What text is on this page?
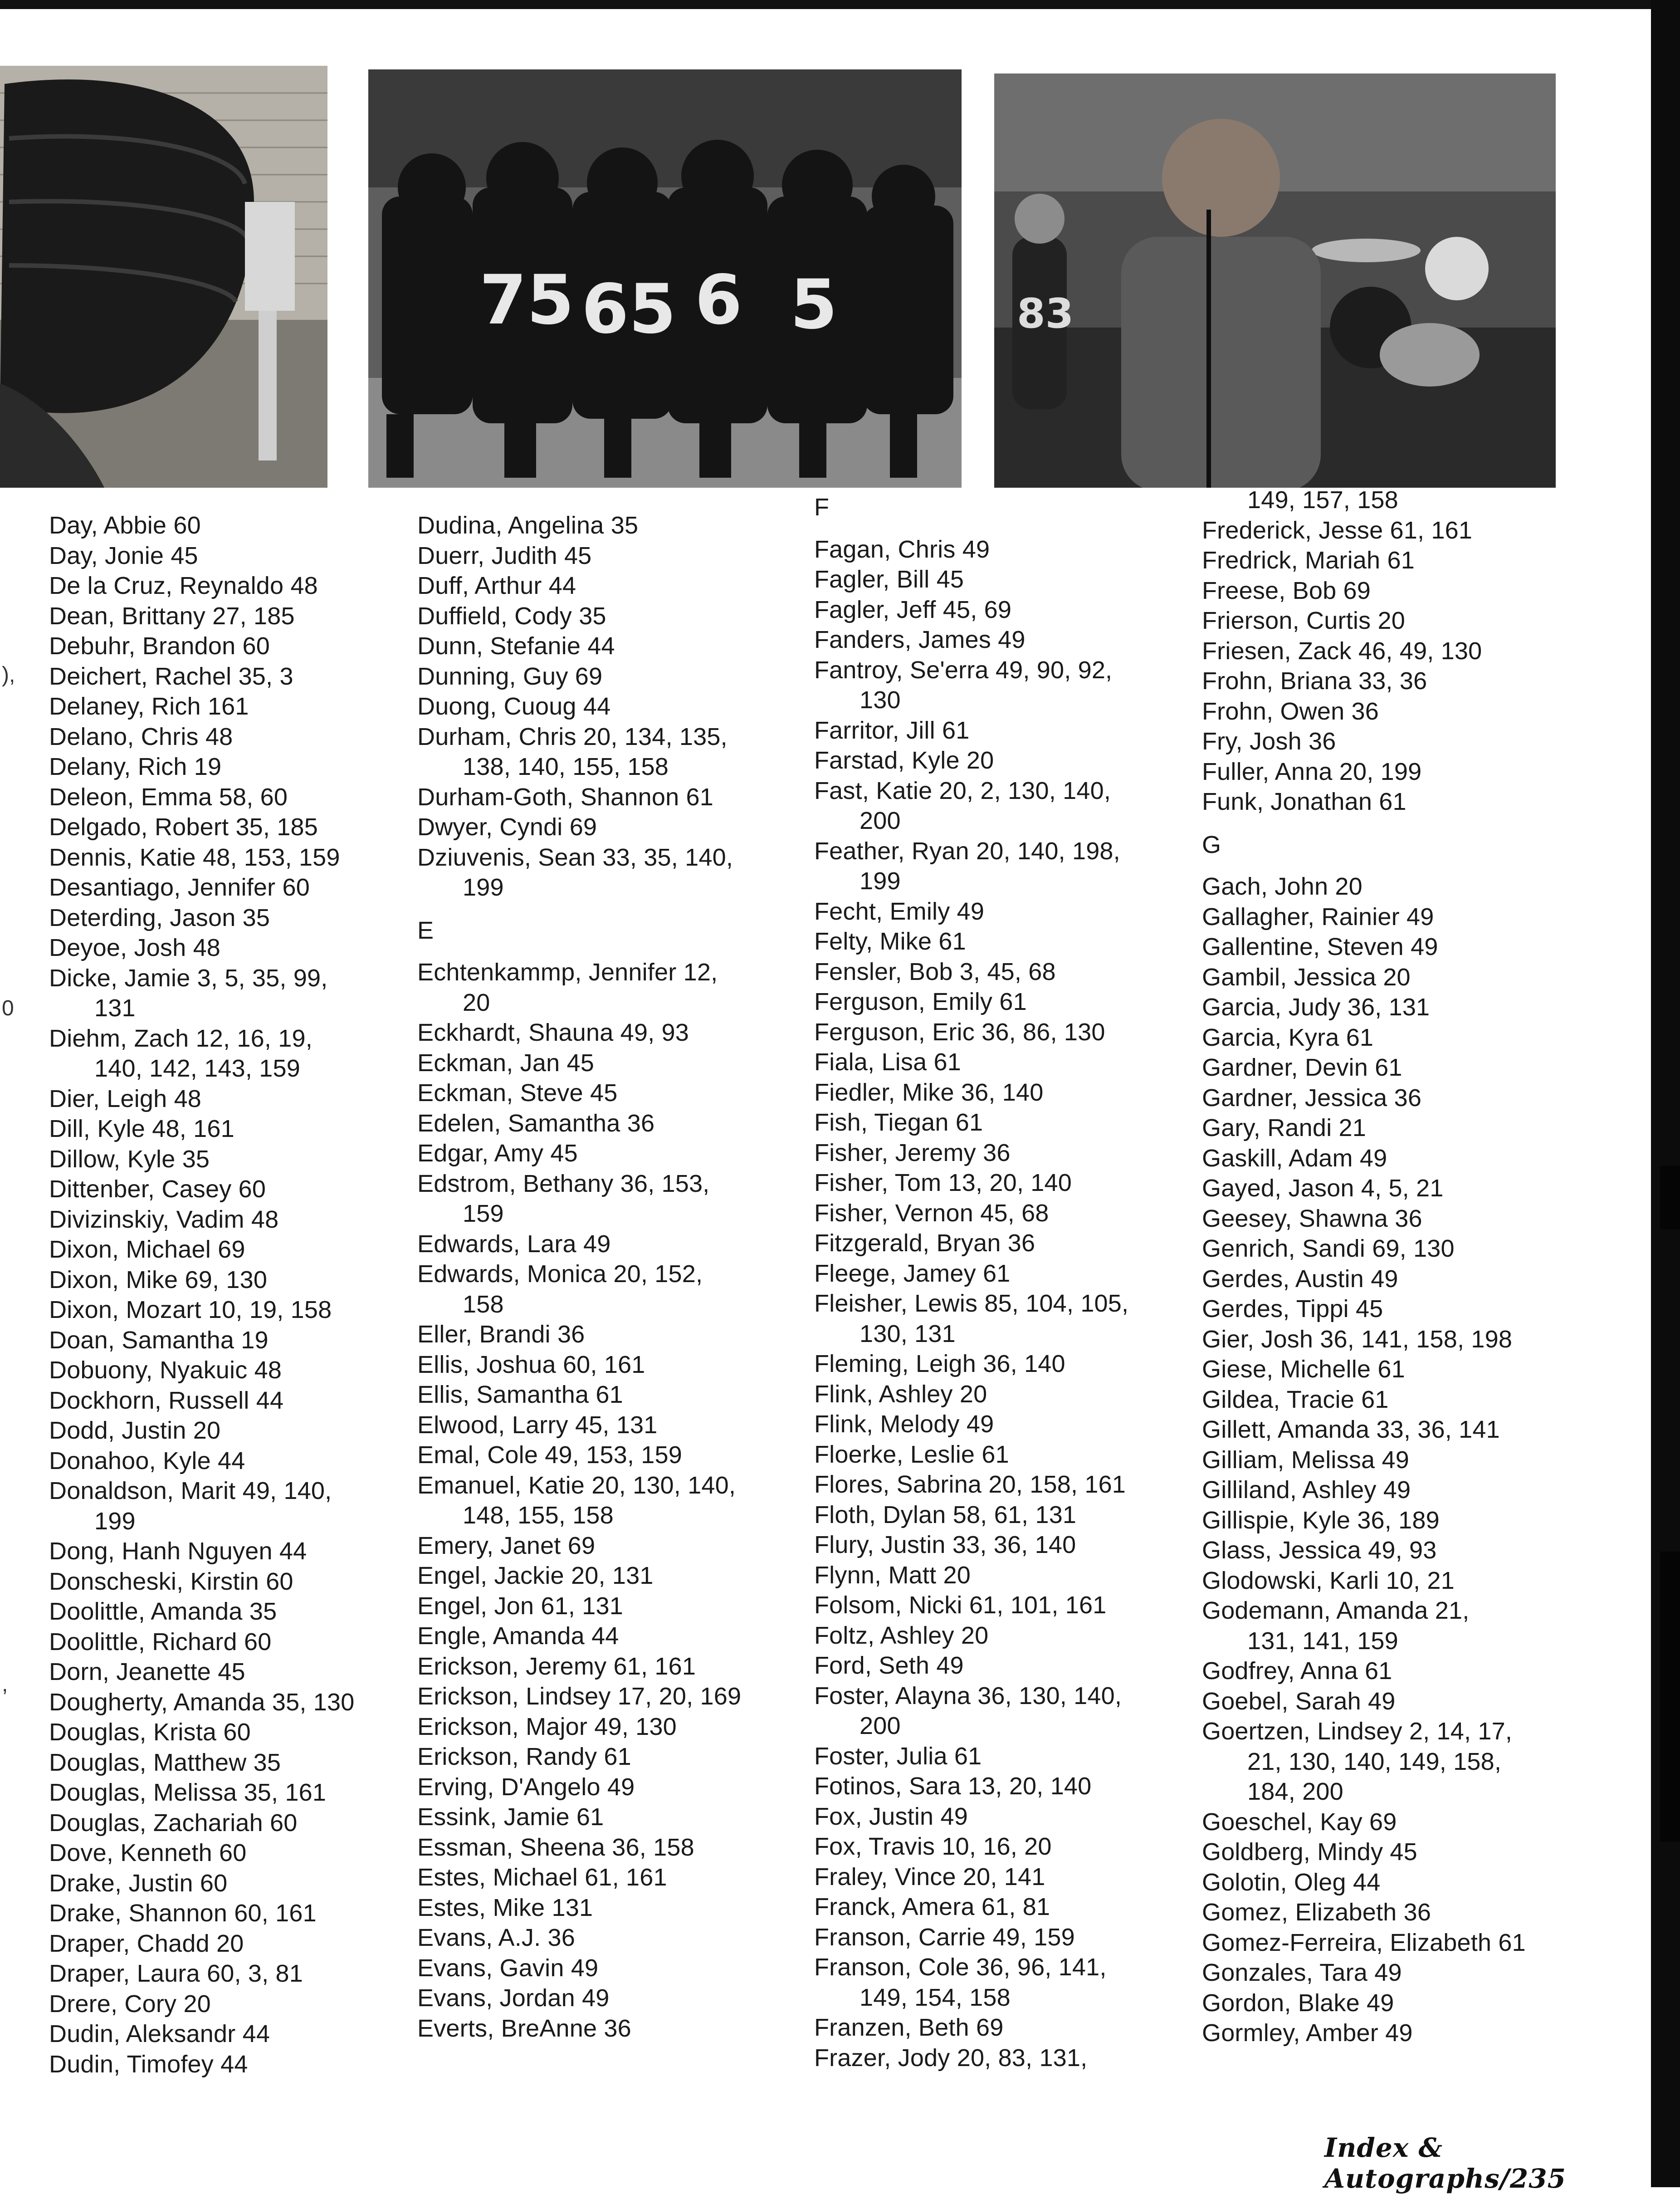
75 65 6 5	83
),
0
,
Day, Abbie 60
Day, Jonie 45
De la Cruz, Reynaldo 48
Dean, Brittany 27, 185
Debuhr, Brandon 60
Deichert, Rachel 35, 3
Delaney, Rich 161
Delano, Chris 48
Delany, Rich 19
Deleon, Emma 58, 60
Delgado, Robert 35, 185
Dennis, Katie 48, 153, 159
Desantiago, Jennifer 60
Deterding, Jason 35
Deyoe, Josh 48
Dicke, Jamie 3, 5, 35, 99,
131
Diehm, Zach 12, 16, 19,
140, 142, 143, 159
Dier, Leigh 48
Dill, Kyle 48, 161
Dillow, Kyle 35
Dittenber, Casey 60
Divizinskiy, Vadim 48
Dixon, Michael 69
Dixon, Mike 69, 130
Dixon, Mozart 10, 19, 158
Doan, Samantha 19
Dobuony, Nyakuic 48
Dockhorn, Russell 44
Dodd, Justin 20
Donahoo, Kyle 44
Donaldson, Marit 49, 140,
199
Dong, Hanh Nguyen 44
Donscheski, Kirstin 60
Doolittle, Amanda 35
Doolittle, Richard 60
Dorn, Jeanette 45
Dougherty, Amanda 35, 130
Douglas, Krista 60
Douglas, Matthew 35
Douglas, Melissa 35, 161
Douglas, Zachariah 60
Dove, Kenneth 60
Drake, Justin 60
Drake, Shannon 60, 161
Draper, Chadd 20
Draper, Laura 60, 3, 81
Drere, Cory 20
Dudin, Aleksandr 44
Dudin, Timofey 44
Dudina, Angelina 35
Duerr, Judith 45
Duff, Arthur 44
Duffield, Cody 35
Dunn, Stefanie 44
Dunning, Guy 69
Duong, Cuoug 44
Durham, Chris 20, 134, 135,
138, 140, 155, 158
Durham-Goth, Shannon 61
Dwyer, Cyndi 69
Dziuvenis, Sean 33, 35, 140,
199
E
Echtenkammp, Jennifer 12,
20
Eckhardt, Shauna 49, 93
Eckman, Jan 45
Eckman, Steve 45
Edelen, Samantha 36
Edgar, Amy 45
Edstrom, Bethany 36, 153,
159
Edwards, Lara 49
Edwards, Monica 20, 152,
158
Eller, Brandi 36
Ellis, Joshua 60, 161
Ellis, Samantha 61
Elwood, Larry 45, 131
Emal, Cole 49, 153, 159
Emanuel, Katie 20, 130, 140,
148, 155, 158
Emery, Janet 69
Engel, Jackie 20, 131
Engel, Jon 61, 131
Engle, Amanda 44
Erickson, Jeremy 61, 161
Erickson, Lindsey 17, 20, 169
Erickson, Major 49, 130
Erickson, Randy 61
Erving, D'Angelo 49
Essink, Jamie 61
Essman, Sheena 36, 158
Estes, Michael 61, 161
Estes, Mike 131
Evans, A.J. 36
Evans, Gavin 49
Evans, Jordan 49
Everts, BreAnne 36
F
Fagan, Chris 49
Fagler, Bill 45
Fagler, Jeff 45, 69
Fanders, James 49
Fantroy, Se'erra 49, 90, 92,
130
Farritor, Jill 61
Farstad, Kyle 20
Fast, Katie 20, 2, 130, 140,
200
Feather, Ryan 20, 140, 198,
199
Fecht, Emily 49
Felty, Mike 61
Fensler, Bob 3, 45, 68
Ferguson, Emily 61
Ferguson, Eric 36, 86, 130
Fiala, Lisa 61
Fiedler, Mike 36, 140
Fish, Tiegan 61
Fisher, Jeremy 36
Fisher, Tom 13, 20, 140
Fisher, Vernon 45, 68
Fitzgerald, Bryan 36
Fleege, Jamey 61
Fleisher, Lewis 85, 104, 105,
130, 131
Fleming, Leigh 36, 140
Flink, Ashley 20
Flink, Melody 49
Floerke, Leslie 61
Flores, Sabrina 20, 158, 161
Floth, Dylan 58, 61, 131
Flury, Justin 33, 36, 140
Flynn, Matt 20
Folsom, Nicki 61, 101, 161
Foltz, Ashley 20
Ford, Seth 49
Foster, Alayna 36, 130, 140,
200
Foster, Julia 61
Fotinos, Sara 13, 20, 140
Fox, Justin 49
Fox, Travis 10, 16, 20
Fraley, Vince 20, 141
Franck, Amera 61, 81
Franson, Carrie 49, 159
Franson, Cole 36, 96, 141,
149, 154, 158
Franzen, Beth 69
Frazer, Jody 20, 83, 131,
149, 157, 158
Frederick, Jesse 61, 161
Fredrick, Mariah 61
Freese, Bob 69
Frierson, Curtis 20
Friesen, Zack 46, 49, 130
Frohn, Briana 33, 36
Frohn, Owen 36
Fry, Josh 36
Fuller, Anna 20, 199
Funk, Jonathan 61
G
Gach, John 20
Gallagher, Rainier 49
Gallentine, Steven 49
Gambil, Jessica 20
Garcia, Judy 36, 131
Garcia, Kyra 61
Gardner, Devin 61
Gardner, Jessica 36
Gary, Randi 21
Gaskill, Adam 49
Gayed, Jason 4, 5, 21
Geesey, Shawna 36
Genrich, Sandi 69, 130
Gerdes, Austin 49
Gerdes, Tippi 45
Gier, Josh 36, 141, 158, 198
Giese, Michelle 61
Gildea, Tracie 61
Gillett, Amanda 33, 36, 141
Gilliam, Melissa 49
Gilliland, Ashley 49
Gillispie, Kyle 36, 189
Glass, Jessica 49, 93
Glodowski, Karli 10, 21
Godemann, Amanda 21,
131, 141, 159
Godfrey, Anna 61
Goebel, Sarah 49
Goertzen, Lindsey 2, 14, 17,
21, 130, 140, 149, 158,
184, 200
Goeschel, Kay 69
Goldberg, Mindy 45
Golotin, Oleg 44
Gomez, Elizabeth 36
Gomez-Ferreira, Elizabeth 61
Gonzales, Tara 49
Gordon, Blake 49
Gormley, Amber 49
Index & Autographs/235
